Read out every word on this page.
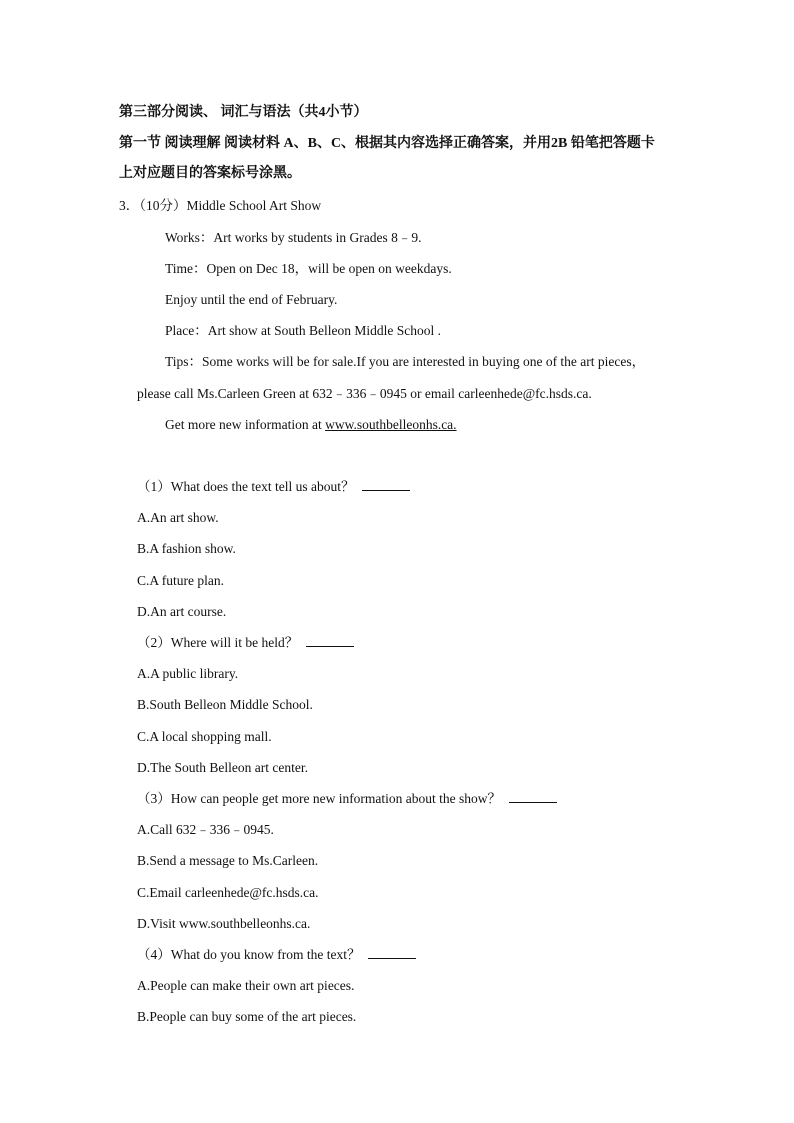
第三部分阅读、 词汇与语法（共4小节）
第一节 阅读理解 阅读材料 A、B、C、根据其内容选择正确答案，并用2B 铅笔把答题卡
上对应题目的答案标号涂黑。
3．（10分）Middle School Art Show
Works：Art works by students in Grades 8﹣9.
Time：Open on Dec 18，will be open on weekdays.
Enjoy until the end of February.
Place：Art show at South Belleon Middle School .
Tips：Some works will be for sale.If you are interested in buying one of the art pieces，
please call Ms.Carleen Green at 632﹣336﹣0945 or email carleenhede@fc.hsds.ca.
Get more new information at www.southbelleonhs.ca.
（1）What does the text tell us about？
A.An art show.
B.A fashion show.
C.A future plan.
D.An art course.
（2）Where will it be held？
A.A public library.
B.South Belleon Middle School.
C.A local shopping mall.
D.The South Belleon art center.
（3）How can people get more new information about the show？
A.Call 632﹣336﹣0945.
B.Send a message to Ms.Carleen.
C.Email carleenhede@fc.hsds.ca.
D.Visit www.southbelleonhs.ca.
（4）What do you know from the text？
A.People can make their own art pieces.
B.People can buy some of the art pieces.
